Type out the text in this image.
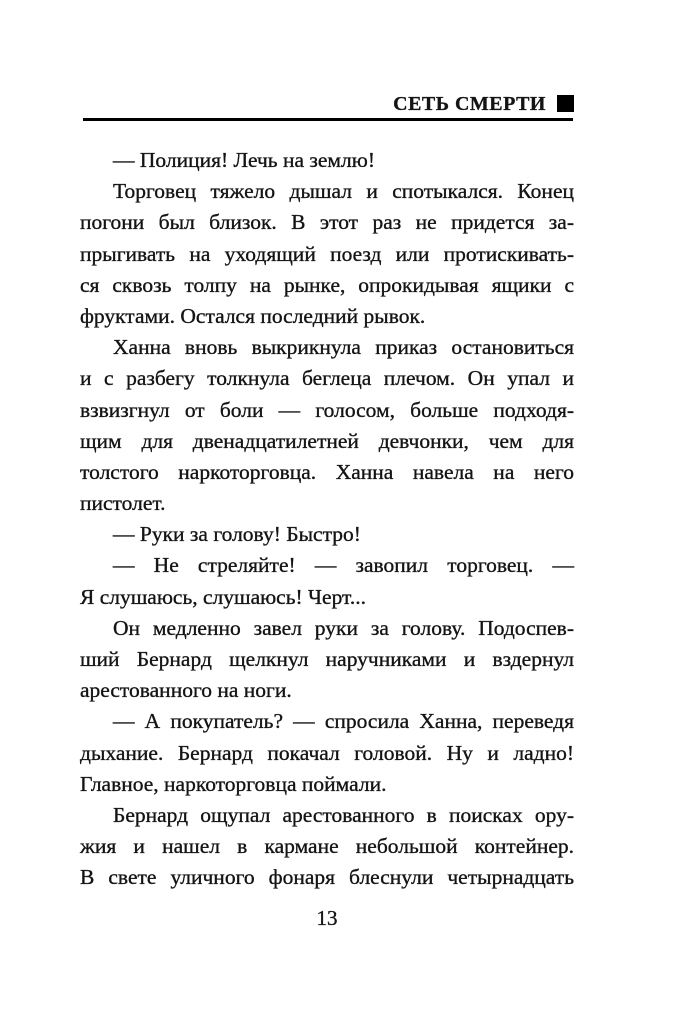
СЕТЬ СМЕРТИ
— Полиция! Лечь на землю!
Торговец тяжело дышал и спотыкался. Конец
погони был близок. В этот раз не придется за-
прыгивать на уходящий поезд или протискивать-
ся сквозь толпу на рынке, опрокидывая ящики с
фруктами. Остался последний рывок.
Ханна вновь выкрикнула приказ остановиться
и с разбегу толкнула беглеца плечом. Он упал и
взвизгнул от боли — голосом, больше подходя-
щим для двенадцатилетней девчонки, чем для
толстого наркоторговца. Ханна навела на него
пистолет.
— Руки за голову! Быстро!
— Не стреляйте! — завопил торговец. —
Я слушаюсь, слушаюсь! Черт...
Он медленно завел руки за голову. Подоспев-
ший Бернард щелкнул наручниками и вздернул
арестованного на ноги.
— А покупатель? — спросила Ханна, переведя
дыхание. Бернард покачал головой. Ну и ладно!
Главное, наркоторговца поймали.
Бернард ощупал арестованного в поисках ору-
жия и нашел в кармане небольшой контейнер.
В свете уличного фонаря блеснули четырнадцать
13
